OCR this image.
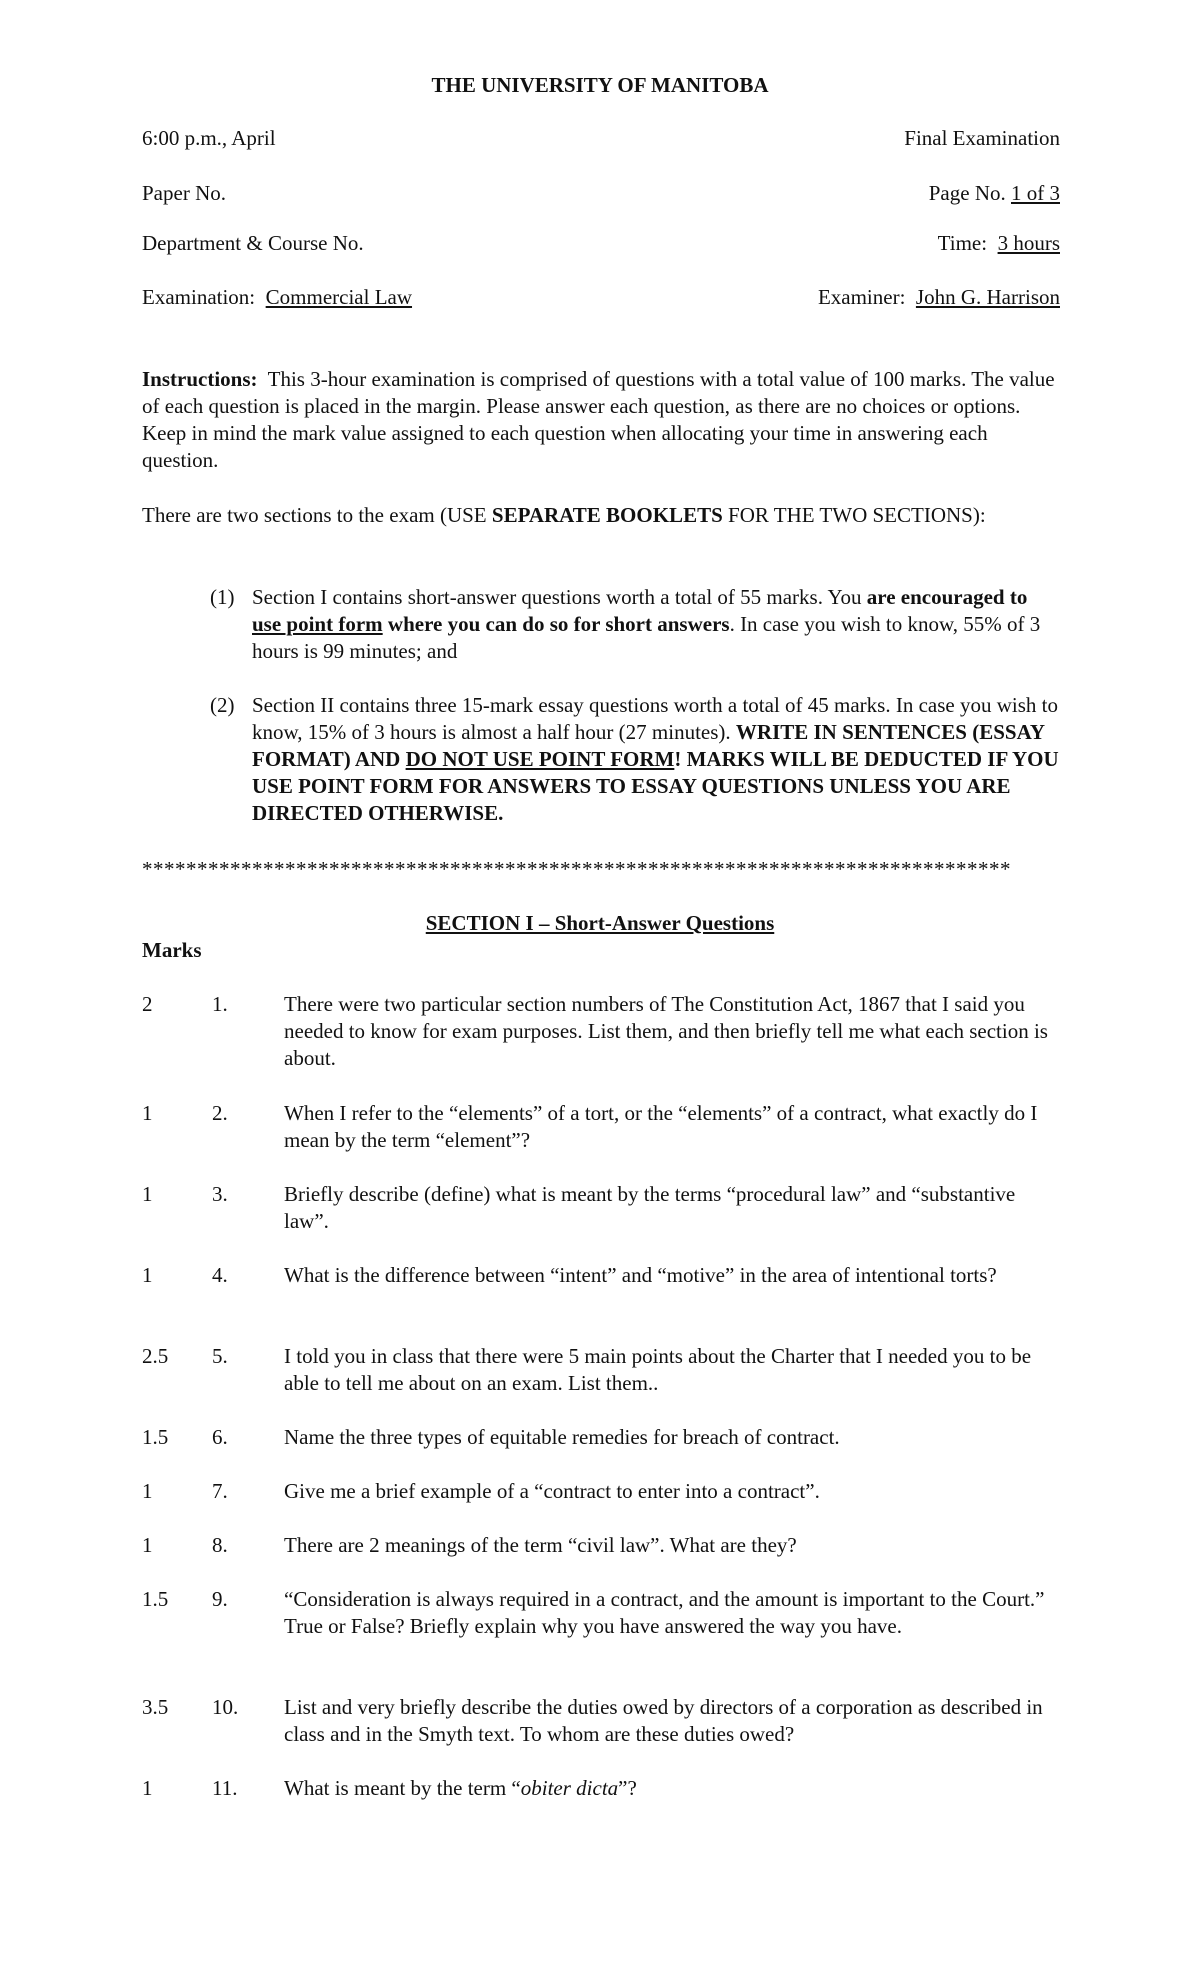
THE UNIVERSITY OF MANITOBA
6:00 p.m., April	Final Examination
Paper No.	Page No. 1 of 3
Department & Course No.	Time: 3 hours
Examination: Commercial Law	Examiner: John G. Harrison
Instructions: This 3-hour examination is comprised of questions with a total value of 100 marks. The value of each question is placed in the margin. Please answer each question, as there are no choices or options. Keep in mind the mark value assigned to each question when allocating your time in answering each question.
There are two sections to the exam (USE SEPARATE BOOKLETS FOR THE TWO SECTIONS):
(1) Section I contains short-answer questions worth a total of 55 marks. You are encouraged to use point form where you can do so for short answers. In case you wish to know, 55% of 3 hours is 99 minutes; and
(2) Section II contains three 15-mark essay questions worth a total of 45 marks. In case you wish to know, 15% of 3 hours is almost a half hour (27 minutes). WRITE IN SENTENCES (ESSAY FORMAT) AND DO NOT USE POINT FORM! MARKS WILL BE DEDUCTED IF YOU USE POINT FORM FOR ANSWERS TO ESSAY QUESTIONS UNLESS YOU ARE DIRECTED OTHERWISE.
*******************************************************************************
SECTION I – Short-Answer Questions
Marks
2	1.	There were two particular section numbers of The Constitution Act, 1867 that I said you needed to know for exam purposes. List them, and then briefly tell me what each section is about.
1	2.	When I refer to the “elements” of a tort, or the “elements” of a contract, what exactly do I mean by the term “element”?
1	3.	Briefly describe (define) what is meant by the terms “procedural law” and “substantive law”.
1	4.	What is the difference between “intent” and “motive” in the area of intentional torts?
2.5	5.	I told you in class that there were 5 main points about the Charter that I needed you to be able to tell me about on an exam. List them..
1.5	6.	Name the three types of equitable remedies for breach of contract.
1	7.	Give me a brief example of a “contract to enter into a contract”.
1	8.	There are 2 meanings of the term “civil law”. What are they?
1.5	9.	“Consideration is always required in a contract, and the amount is important to the Court.” True or False? Briefly explain why you have answered the way you have.
3.5	10.	List and very briefly describe the duties owed by directors of a corporation as described in class and in the Smyth text. To whom are these duties owed?
1	11.	What is meant by the term “obiter dicta”?
